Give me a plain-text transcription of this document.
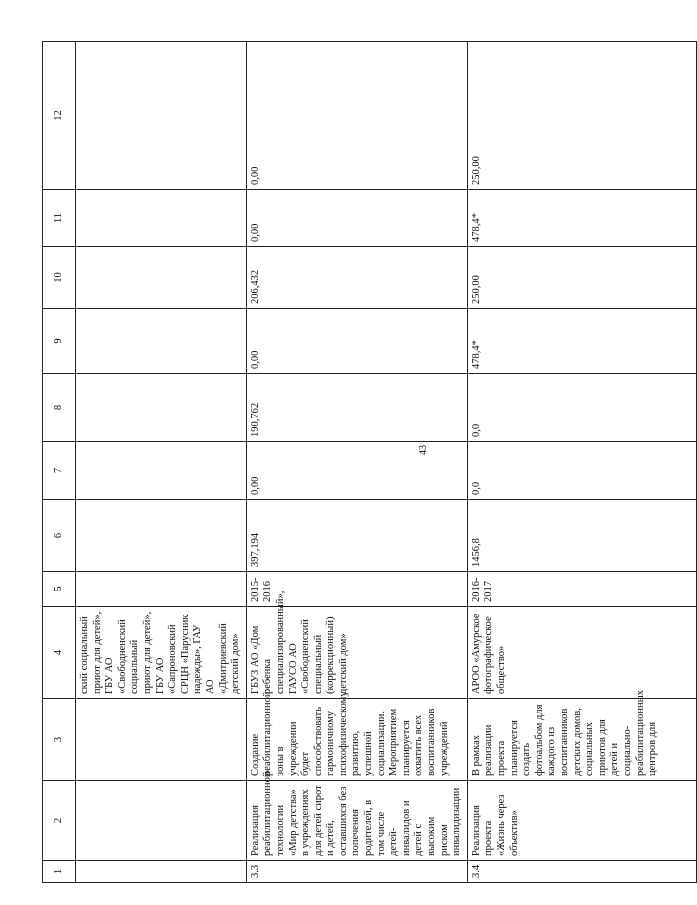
43
1	2	3	4	5	6	7	8	9	10	11	12
			ский социальный приют для детей», ГБУ АО «Свободненский социальный приют для детей», ГБУ АО «Сапроновский СРЦН «Парусник надежды», ГАУ АО «Дмитриевский детский дом»								
3.3	Реализация реабилитационной технологии «Мир детства» в учреждениях для детей сирот и детей, оставшихся без попечения родителей, в том числе детей-инвалидов и детей с высоким риском инвалидизации	Создание реабилитационной зоны в учреждении будет способствовать гармоничному психофизическому развитию, успешной социализации. Мероприятием планируется охватить всех воспитанников учреждений	ГБУЗ АО «Дом ребенка специализированный», ГАУСО АО «Свободненский специальный (коррекционный) детский дом»	2015-2016	397,194	0,00	190,762	0,00	206,432	0,00	0,00
3.4	Реализация проекта «Жизнь через объектив»	В рамках реализации проекта планируется создать фотоальбом для каждого из воспитанников детских домов, социальных приютов для детей и социально-реабилитационных центров для	АРОО «Амурское фотографическое общество»	2016-2017	1456,8	0,0	0,0	478,4*	250,00	478,4*	250,00
